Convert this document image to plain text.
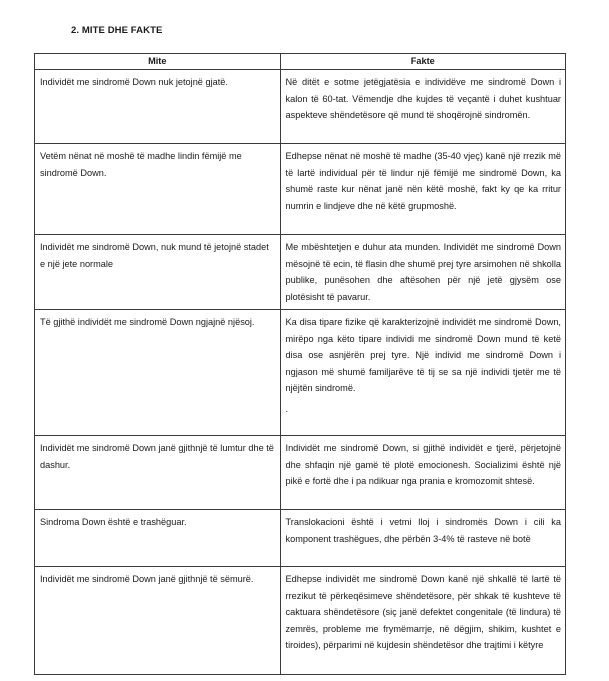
2. MITE DHE FAKTE
Mite	Fakte
Individët me sindromë Down nuk jetojnë gjatë.	Në ditët e sotme jetëgjatësia e individëve me sindromë Down i kalon të 60-tat. Vëmendje dhe kujdes të veçantë i duhet kushtuar aspekteve shëndetësore që mund të shoqërojnë sindromën.
Vetëm nënat në moshë të madhe lindin fëmijë me sindromë Down.	Edhepse nënat në moshë të madhe (35-40 vjeç) kanë një rrezik më të lartë individual për të lindur një fëmijë me sindromë Down, ka shumë raste kur nënat janë nën këtë moshë, fakt ky qe ka rritur numrin e lindjeve dhe në këtë grupmoshë.
Individët me sindromë Down, nuk mund të jetojnë stadet e një jete normale	Me mbështetjen e duhur ata munden. Individët me sindromë Down mësojnë të ecin, të flasin dhe shumë prej tyre arsimohen në shkolla publike, punësohen dhe aftësohen për një jetë gjysëm ose plotësisht të pavarur.
Të gjithë individët me sindromë Down ngjajnë njësoj.	Ka disa tipare fizike që karakterizojnë individët me sindromë Down, mirëpo nga këto tipare individi me sindromë Down mund të ketë disa ose asnjërën prej tyre. Një individ me sindromë Down i ngjason më shumë familjarëve të tij se sa një individi tjetër me të njëjtën sindromë.
.

Individët me sindromë Down janë gjithnjë të lumtur dhe të dashur.	Individët me sindromë Down, si gjithë individët e tjerë, përjetojnë dhe shfaqin një gamë të plotë emocionesh. Socializimi është një pikë e fortë dhe i pa ndikuar nga prania e kromozomit shtesë.
Sindroma Down është e trashëguar.	Translokacioni është i vetmi lloj i sindromës Down i cili ka komponent trashëgues, dhe përbën 3-4% të rasteve në botë
Individët me sindromë Down janë gjithnjë të sëmurë.	Edhepse individët me sindromë Down kanë një shkallë të lartë të rrezikut të përkeqësimeve shëndetësore, për shkak të kushteve të caktuara shëndetësore (siç janë defektet congenitale (të lindura) të zemrës, probleme me frymëmarrje, në dëgjim, shikim, kushtet e tiroides), përparimi në kujdesin shëndetësor dhe trajtimi i këtyre
